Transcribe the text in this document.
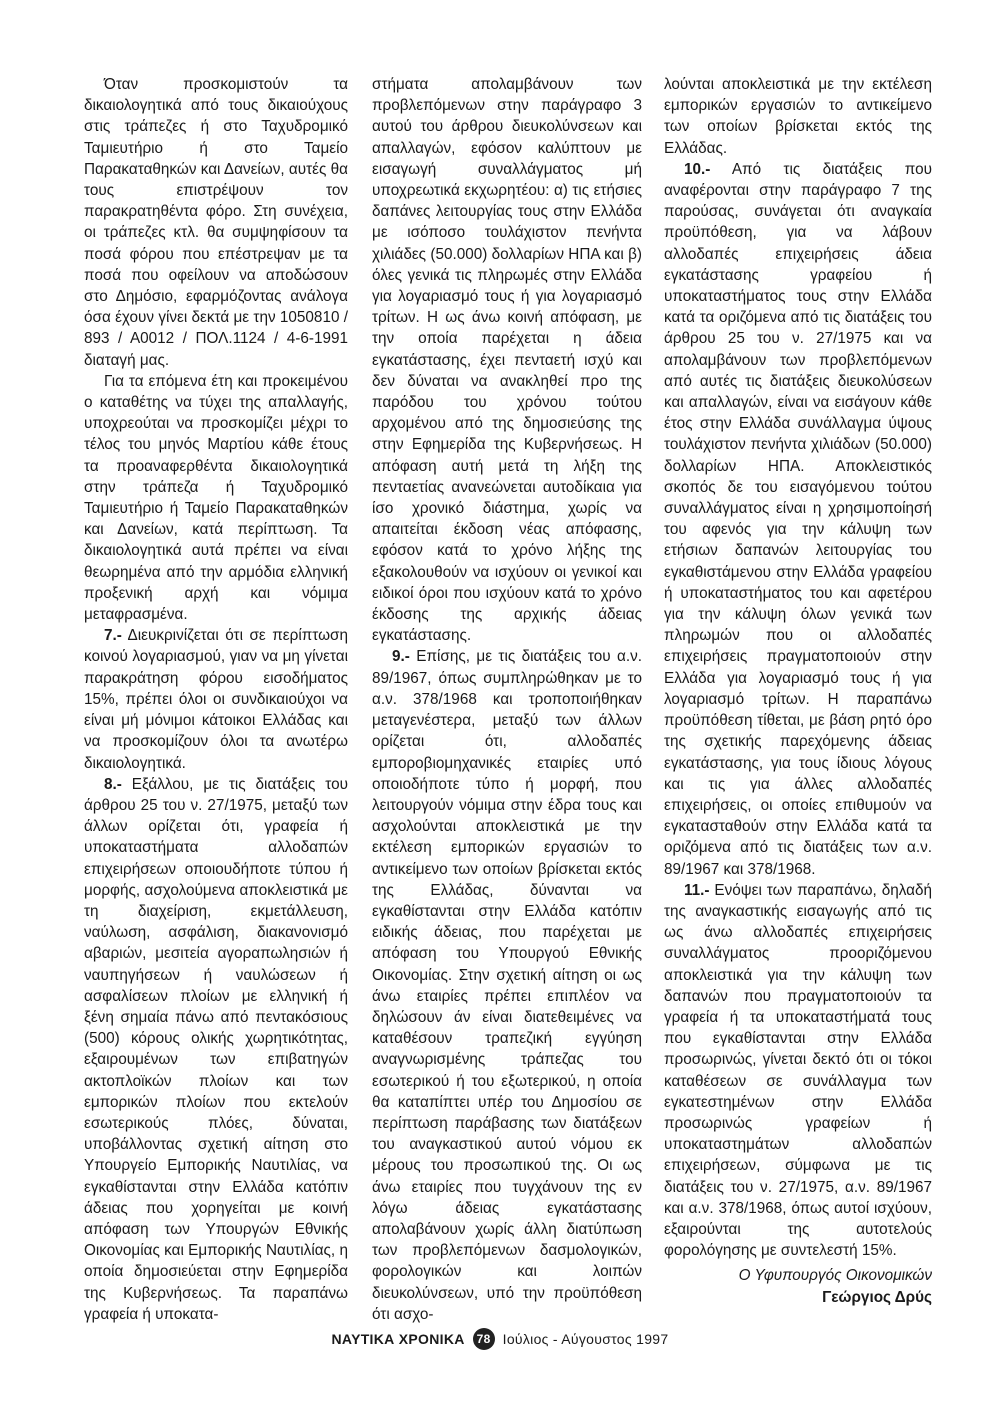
Όταν προσκομιστούν τα δικαιολογητικά από τους δικαιούχους στις τράπεζες ή στο Ταχυδρομικό Ταμιευτήριο ή στο Ταμείο Παρακαταθηκών και Δανείων, αυτές θα τους επιστρέψουν τον παρακρατηθέντα φόρο. Στη συνέχεια, οι τράπεζες κτλ. θα συμψηφίσουν τα ποσά φόρου που επέστρεψαν με τα ποσά που οφείλουν να αποδώσουν στο Δημόσιο, εφαρμόζοντας ανάλογα όσα έχουν γίνει δεκτά με την 1050810 / 893 / Α0012 / ΠΟΛ.1124 / 4-6-1991 διαταγή μας.

Για τα επόμενα έτη και προκειμένου ο καταθέτης να τύχει της απαλλαγής, υποχρεούται να προσκομίζει μέχρι το τέλος του μηνός Μαρτίου κάθε έτους τα προαναφερθέντα δικαιολογητικά στην τράπεζα ή Ταχυδρομικό Ταμιευτήριο ή Ταμείο Παρακαταθηκών και Δανείων, κατά περίπτωση. Τα δικαιολογητικά αυτά πρέπει να είναι θεωρημένα από την αρμόδια ελληνική προξενική αρχή και νόμιμα μεταφρασμένα.

7.- Διευκρινίζεται ότι σε περίπτωση κοινού λογαριασμού, γιαν να μη γίνεται παρακράτηση φόρου εισοδήματος 15%, πρέπει όλοι οι συνδικαιούχοι να είναι μή μόνιμοι κάτοικοι Ελλάδας και να προσκομίζουν όλοι τα ανωτέρω δικαιολογητικά.

8.- Εξάλλου, με τις διατάξεις του άρθρου 25 του ν. 27/1975, μεταξύ των άλλων ορίζεται ότι, γραφεία ή υποκαταστήματα αλλοδαπών επιχειρήσεων οποιουδήποτε τύπου ή μορφής, ασχολούμενα αποκλειστικά με τη διαχείριση, εκμετάλλευση, ναύλωση, ασφάλιση, διακανονισμό αβαριών, μεσιτεία αγοραπωλησιών ή ναυπηγήσεων ή ναυλώσεων ή ασφαλίσεων πλοίων με ελληνική ή ξένη σημαία πάνω από πεντακόσιους (500) κόρους ολικής χωρητικότητας, εξαιρουμένων των επιβατηγών ακτοπλοϊκών πλοίων και των εμπορικών πλοίων που εκτελούν εσωτερικούς πλόες, δύναται, υποβάλλοντας σχετική αίτηση στο Υπουργείο Εμπορικής Ναυτιλίας, να εγκαθίστανται στην Ελλάδα κατόπιν άδειας που χορηγείται με κοινή απόφαση των Υπουργών Εθνικής Οικονομίας και Εμπορικής Ναυτιλίας, η οποία δημοσιεύεται στην Εφημερίδα της Κυβερνήσεως. Τα παραπάνω γραφεία ή υποκατα-

στήματα απολαμβάνουν των προβλεπόμενων στην παράγραφο 3 αυτού του άρθρου διευκολύνσεων και απαλλαγών, εφόσον καλύπτουν με εισαγωγή συναλλάγματος μή υποχρεωτικά εκχωρητέου: α) τις ετήσιες δαπάνες λειτουργίας τους στην Ελλάδα με ισόποσο τουλάχιστον πενήντα χιλιάδες (50.000) δολλαρίων ΗΠΑ και β) όλες γενικά τις πληρωμές στην Ελλάδα για λογαριασμό τους ή για λογαριασμό τρίτων. Η ως άνω κοινή απόφαση, με την οποία παρέχεται η άδεια εγκατάστασης, έχει πενταετή ισχύ και δεν δύναται να ανακληθεί προ της παρόδου του χρόνου τούτου αρχομένου από της δημοσιεύσης της στην Εφημερίδα της Κυβερνήσεως. Η απόφαση αυτή μετά τη λήξη της πενταετίας ανανεώνεται αυτοδίκαια για ίσο χρονικό διάστημα, χωρίς να απαιτείται έκδοση νέας απόφασης, εφόσον κατά το χρόνο λήξης της εξακολουθούν να ισχύουν οι γενικοί και ειδικοί όροι που ισχύουν κατά το χρόνο έκδοσης της αρχικής άδειας εγκατάστασης.

9.- Επίσης, με τις διατάξεις του α.ν. 89/1967, όπως συμπληρώθηκαν με το α.ν. 378/1968 και τροποποιήθηκαν μεταγενέστερα, μεταξύ των άλλων ορίζεται ότι, αλλοδαπές εμποροβιομηχανικές εταιρίες υπό οποιοδήποτε τύπο ή μορφή, που λειτουργούν νόμιμα στην έδρα τους και ασχολούνται αποκλειστικά με την εκτέλεση εμπορικών εργασιών το αντικείμενο των οποίων βρίσκεται εκτός της Ελλάδας, δύνανται να εγκαθίστανται στην Ελλάδα κατόπιν ειδικής άδειας, που παρέχεται με απόφαση του Υπουργού Εθνικής Οικονομίας. Στην σχετική αίτηση οι ως άνω εταιρίες πρέπει επιπλέον να δηλώσουν άν είναι διατεθειμένες να καταθέσουν τραπεζική εγγύηση αναγνωρισμένης τράπεζας του εσωτερικού ή του εξωτερικού, η οποία θα καταπίπτει υπέρ του Δημοσίου σε περίπτωση παράβασης των διατάξεων του αναγκαστικού αυτού νόμου εκ μέρους του προσωπικού της. Οι ως άνω εταιρίες που τυγχάνουν της εν λόγω άδειας εγκατάστασης απολαβάνουν χωρίς άλλη διατύπωση των προβλεπόμενων δασμολογικών, φορολογικών και λοιπών διευκολύνσεων, υπό την προϋπόθεση ότι ασχο-

λούνται αποκλειστικά με την εκτέλεση εμπορικών εργασιών το αντικείμενο των οποίων βρίσκεται εκτός της Ελλάδας.

10.- Από τις διατάξεις που αναφέρονται στην παράγραφο 7 της παρούσας, συνάγεται ότι αναγκαία προϋπόθεση, για να λάβουν αλλοδαπές επιχειρήσεις άδεια εγκατάστασης γραφείου ή υποκαταστήματος τους στην Ελλάδα κατά τα οριζόμενα από τις διατάξεις του άρθρου 25 του ν. 27/1975 και να απολαμβάνουν των προβλεπόμενων από αυτές τις διατάξεις διευκολύσεων και απαλλαγών, είναι να εισάγουν κάθε έτος στην Ελλάδα συνάλλαγμα ύψους τουλάχιστον πενήντα χιλιάδων (50.000) δολλαρίων ΗΠΑ. Αποκλειστικός σκοπός δε του εισαγόμενου τούτου συναλλάγματος είναι η χρησιμοποίησή του αφενός για την κάλυψη των ετήσιων δαπανών λειτουργίας του εγκαθιστάμενου στην Ελλάδα γραφείου ή υποκαταστήματος του και αφετέρου για την κάλυψη όλων γενικά των πληρωμών που οι αλλοδαπές επιχειρήσεις πραγματοποιούν στην Ελλάδα για λογαριασμό τους ή για λογαριασμό τρίτων. Η παραπάνω προϋπόθεση τίθεται, με βάση ρητό όρο της σχετικής παρεχόμενης άδειας εγκατάστασης, για τους ίδιους λόγους και τις για άλλες αλλοδαπές επιχειρήσεις, οι οποίες επιθυμούν να εγκατασταθούν στην Ελλάδα κατά τα οριζόμενα από τις διατάξεις των α.ν. 89/1967 και 378/1968.

11.- Ενόψει των παραπάνω, δηλαδή της αναγκαστικής εισαγωγής από τις ως άνω αλλοδαπές επιχειρήσεις συναλλάγματος προοριζόμενου αποκλειστικά για την κάλυψη των δαπανών που πραγματοποιούν τα γραφεία ή τα υποκαταστήματά τους που εγκαθίστανται στην Ελλάδα προσωρινώς, γίνεται δεκτό ότι οι τόκοι καταθέσεων σε συνάλλαγμα των εγκατεστημένων στην Ελλάδα προσωρινώς γραφείων ή υποκαταστημάτων αλλοδαπών επιχειρήσεων, σύμφωνα με τις διατάξεις του ν. 27/1975, α.ν. 89/1967 και α.ν. 378/1968, όπως αυτοί ισχύουν, εξαιρούνται της αυτοτελούς φορολόγησης με συντελεστή 15%.

Ο Υφυπουργός Οικονομικών
Γεώργιος Δρύς
ΝΑΥΤΙΚΑ ΧΡΟΝΙΚΑ	78 Ιούλιος - Αύγουστος 1997
